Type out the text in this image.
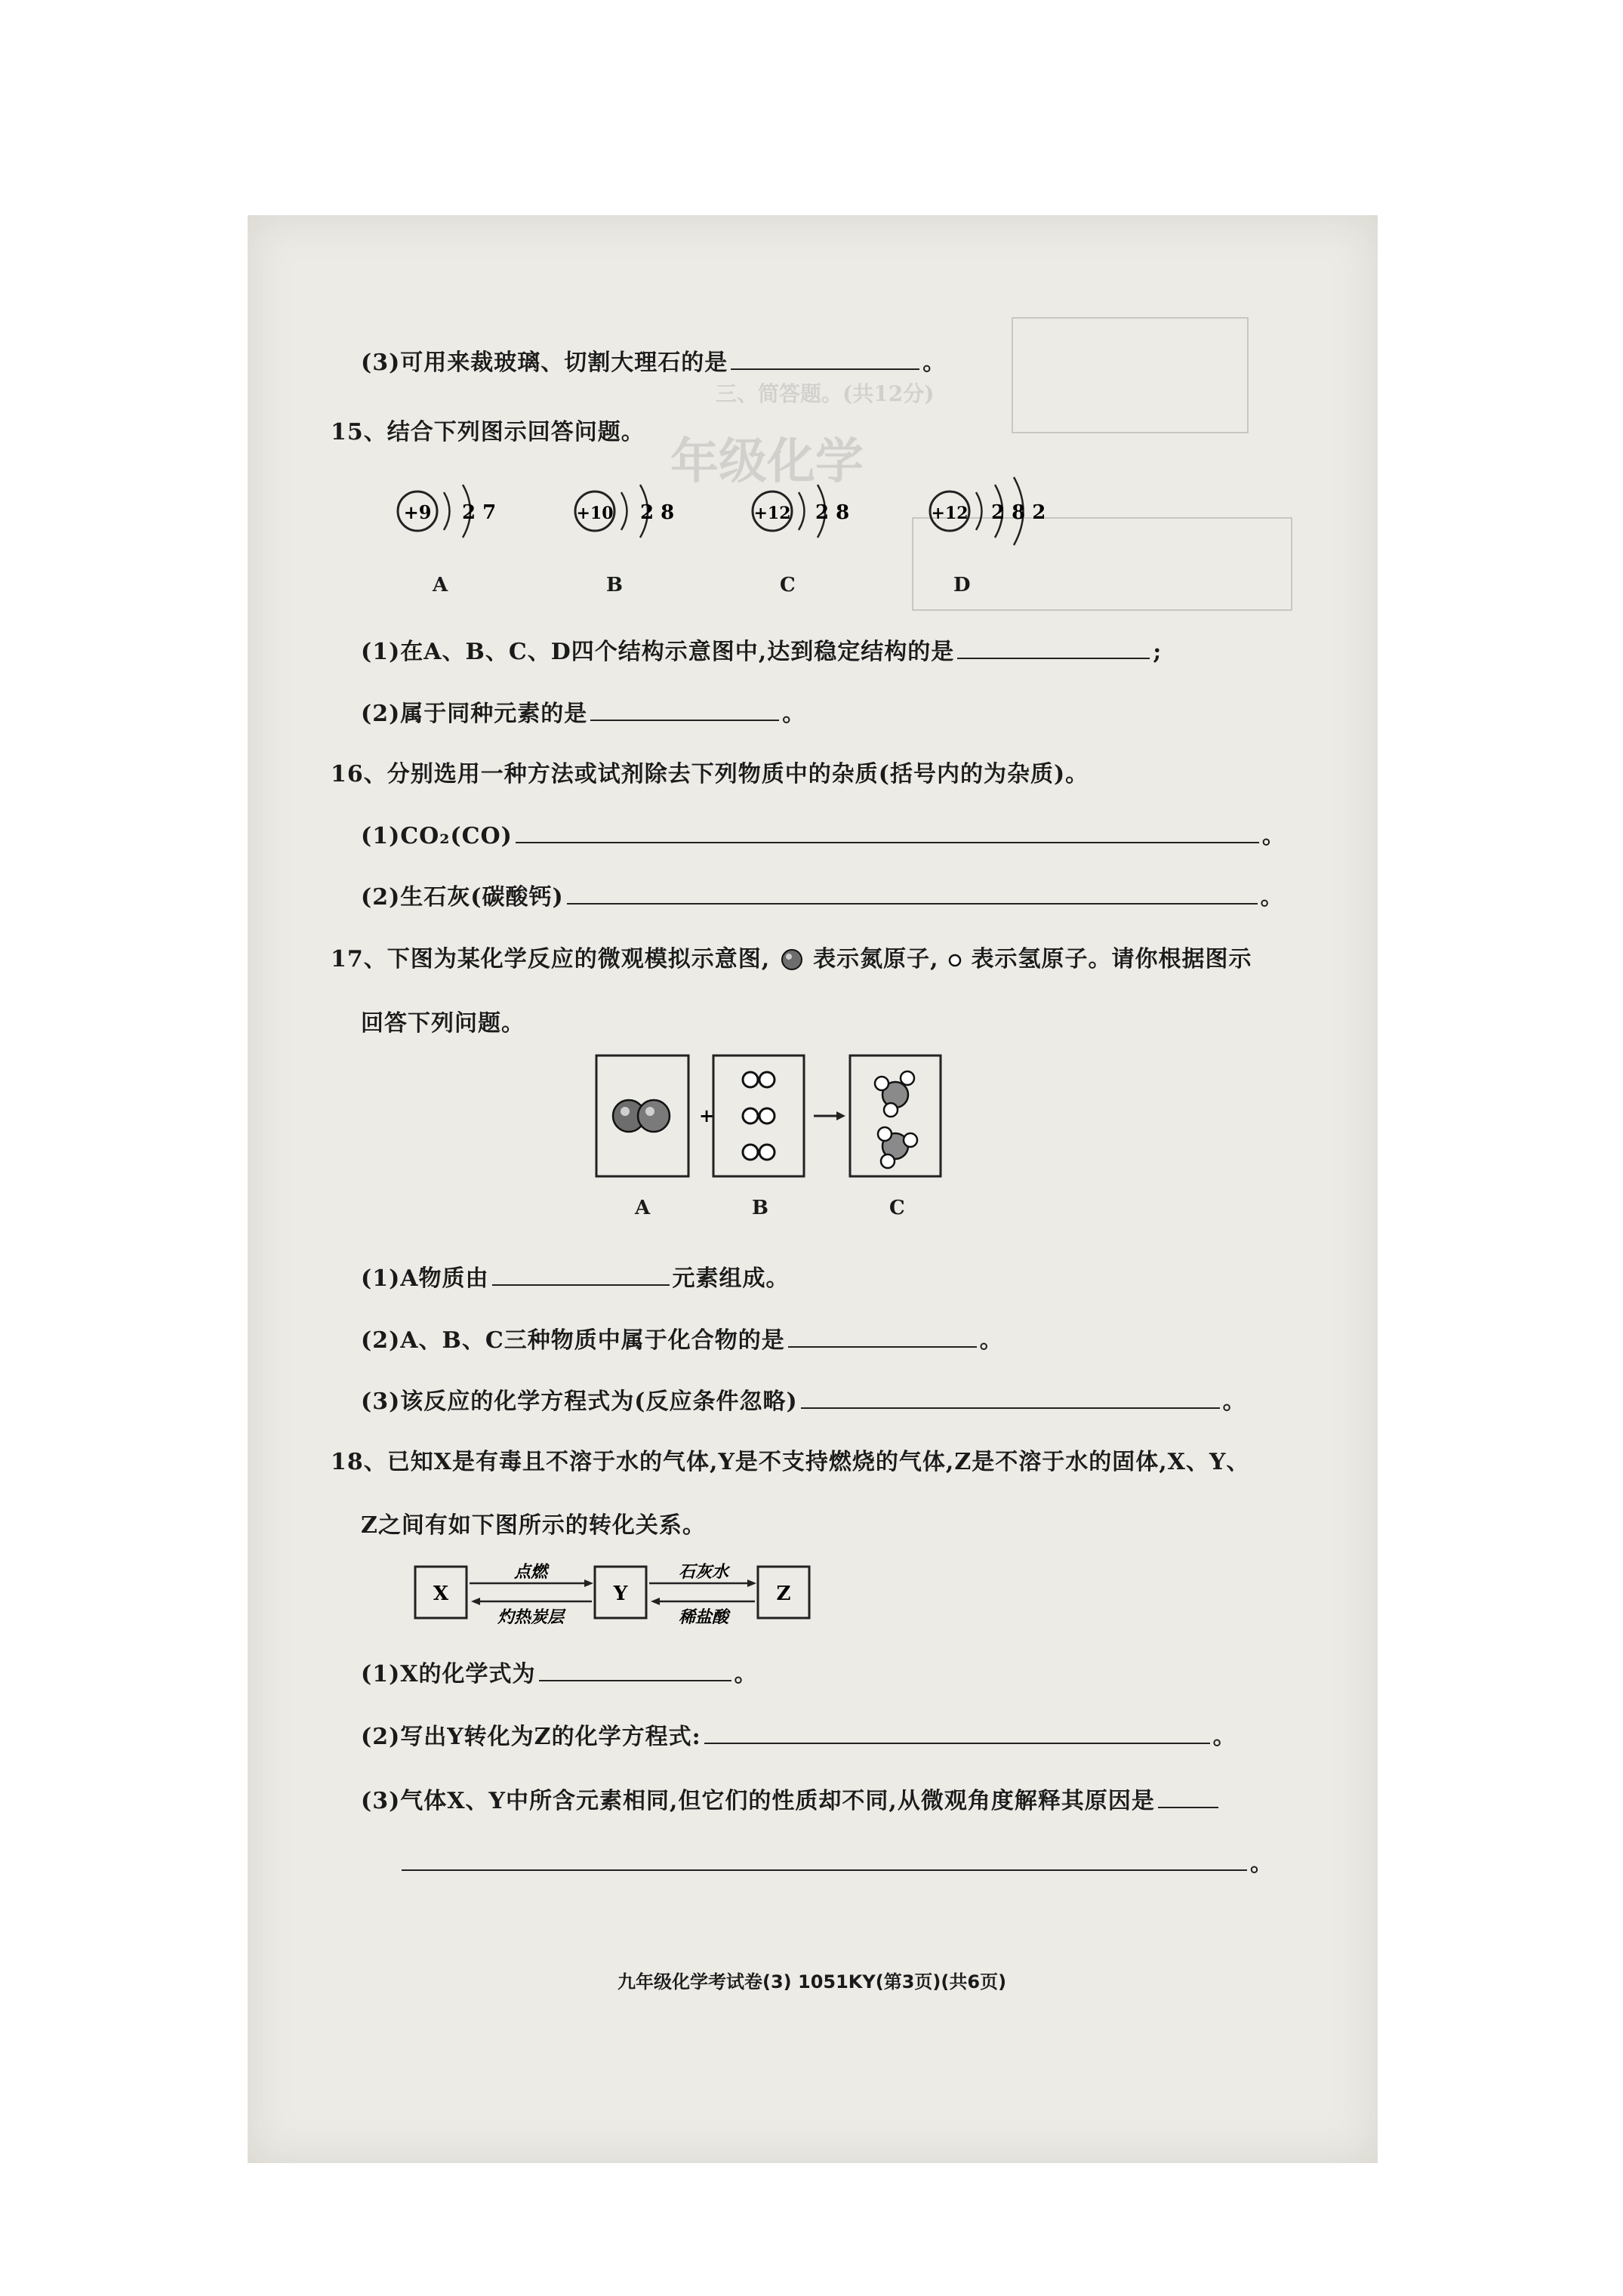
年级化学
三、简答题。(共12分)
(3)可用来裁玻璃、切割大理石的是	。
15、结合下列图示回答问题。
+9 2 7	+10 2 8	+12 2 8	+12 2 8 2
A	B	C	D
(1)在A、B、C、D四个结构示意图中,达到稳定结构的是	;
(2)属于同种元素的是	。
16、分别选用一种方法或试剂除去下列物质中的杂质(括号内的为杂质)。
(1)CO₂(CO)	。
(2)生石灰(碳酸钙)	。
17、下图为某化学反应的微观模拟示意图, 表示氮原子, 表示氢原子。请你根据图示
回答下列问题。
+
A	B	C
(1)A物质由	元素组成。
(2)A、B、C三种物质中属于化合物的是	。
(3)该反应的化学方程式为(反应条件忽略)	。
18、已知X是有毒且不溶于水的气体,Y是不支持燃烧的气体,Z是不溶于水的固体,X、Y、
Z之间有如下图所示的转化关系。
X	Y	Z
点燃
灼热炭层
石灰水
稀盐酸
(1)X的化学式为	。
(2)写出Y转化为Z的化学方程式:	。
(3)气体X、Y中所含元素相同,但它们的性质却不同,从微观角度解释其原因是
。
九年级化学考试卷(3) 1051KY(第3页)(共6页)
